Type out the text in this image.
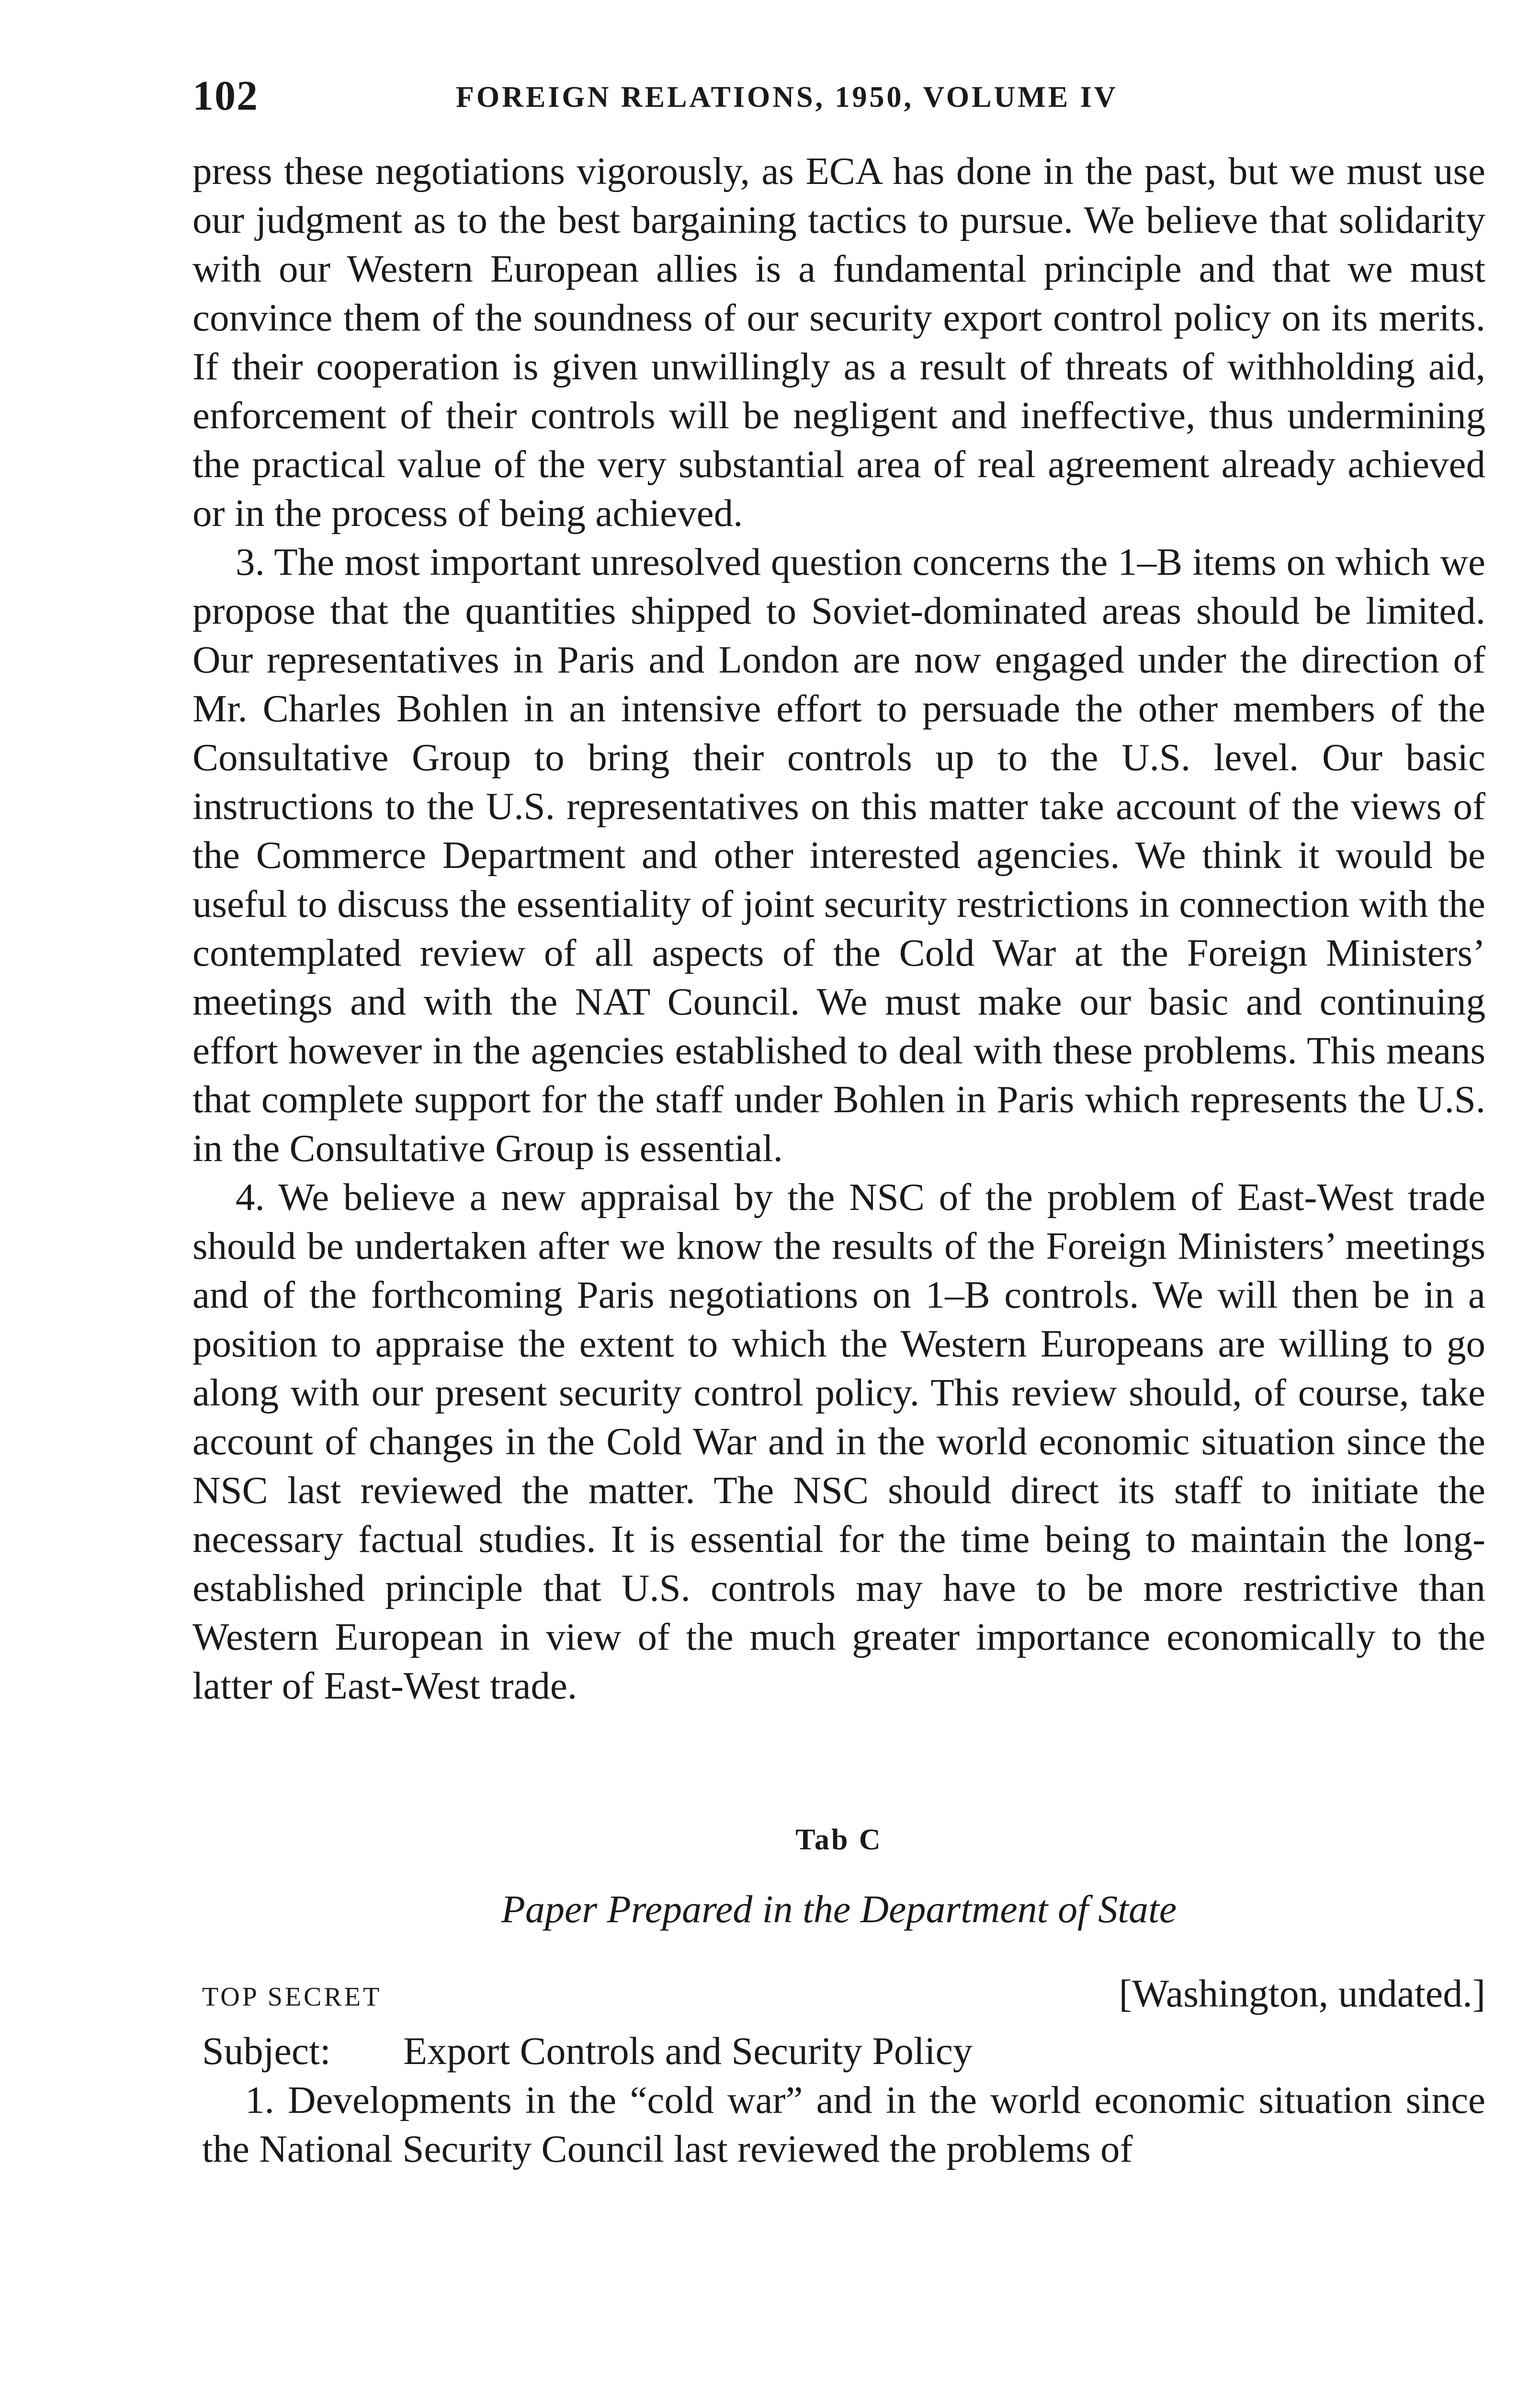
102	FOREIGN RELATIONS, 1950, VOLUME IV

press these negotiations vigorously, as ECA has done in the past, but we must use our judgment as to the best bargaining tactics to pursue. We believe that solidarity with our Western European allies is a fundamental principle and that we must convince them of the soundness of our security export control policy on its merits. If their cooperation is given unwillingly as a result of threats of withholding aid, enforcement of their controls will be negligent and ineffective, thus undermining the practical value of the very substantial area of real agreement already achieved or in the process of being achieved.

3. The most important unresolved question concerns the 1–B items on which we propose that the quantities shipped to Soviet-dominated areas should be limited. Our representatives in Paris and London are now engaged under the direction of Mr. Charles Bohlen in an intensive effort to persuade the other members of the Consultative Group to bring their controls up to the U.S. level. Our basic instructions to the U.S. representatives on this matter take account of the views of the Commerce Department and other interested agencies. We think it would be useful to discuss the essentiality of joint security restrictions in connection with the contemplated review of all aspects of the Cold War at the Foreign Ministers’ meetings and with the NAT Council. We must make our basic and continuing effort however in the agencies established to deal with these problems. This means that complete support for the staff under Bohlen in Paris which represents the U.S. in the Consultative Group is essential.

4. We believe a new appraisal by the NSC of the problem of East-West trade should be undertaken after we know the results of the Foreign Ministers’ meetings and of the forthcoming Paris negotiations on 1–B controls. We will then be in a position to appraise the extent to which the Western Europeans are willing to go along with our present security control policy. This review should, of course, take account of changes in the Cold War and in the world economic situation since the NSC last reviewed the matter. The NSC should direct its staff to initiate the necessary factual studies. It is essential for the time being to maintain the long-established principle that U.S. controls may have to be more restrictive than Western European in view of the much greater importance economically to the latter of East-West trade.

Tab C
Paper Prepared in the Department of State
TOP SECRET	[Washington, undated.]
Subject: Export Controls and Security Policy

1. Developments in the “cold war” and in the world economic situation since the National Security Council last reviewed the problems of
